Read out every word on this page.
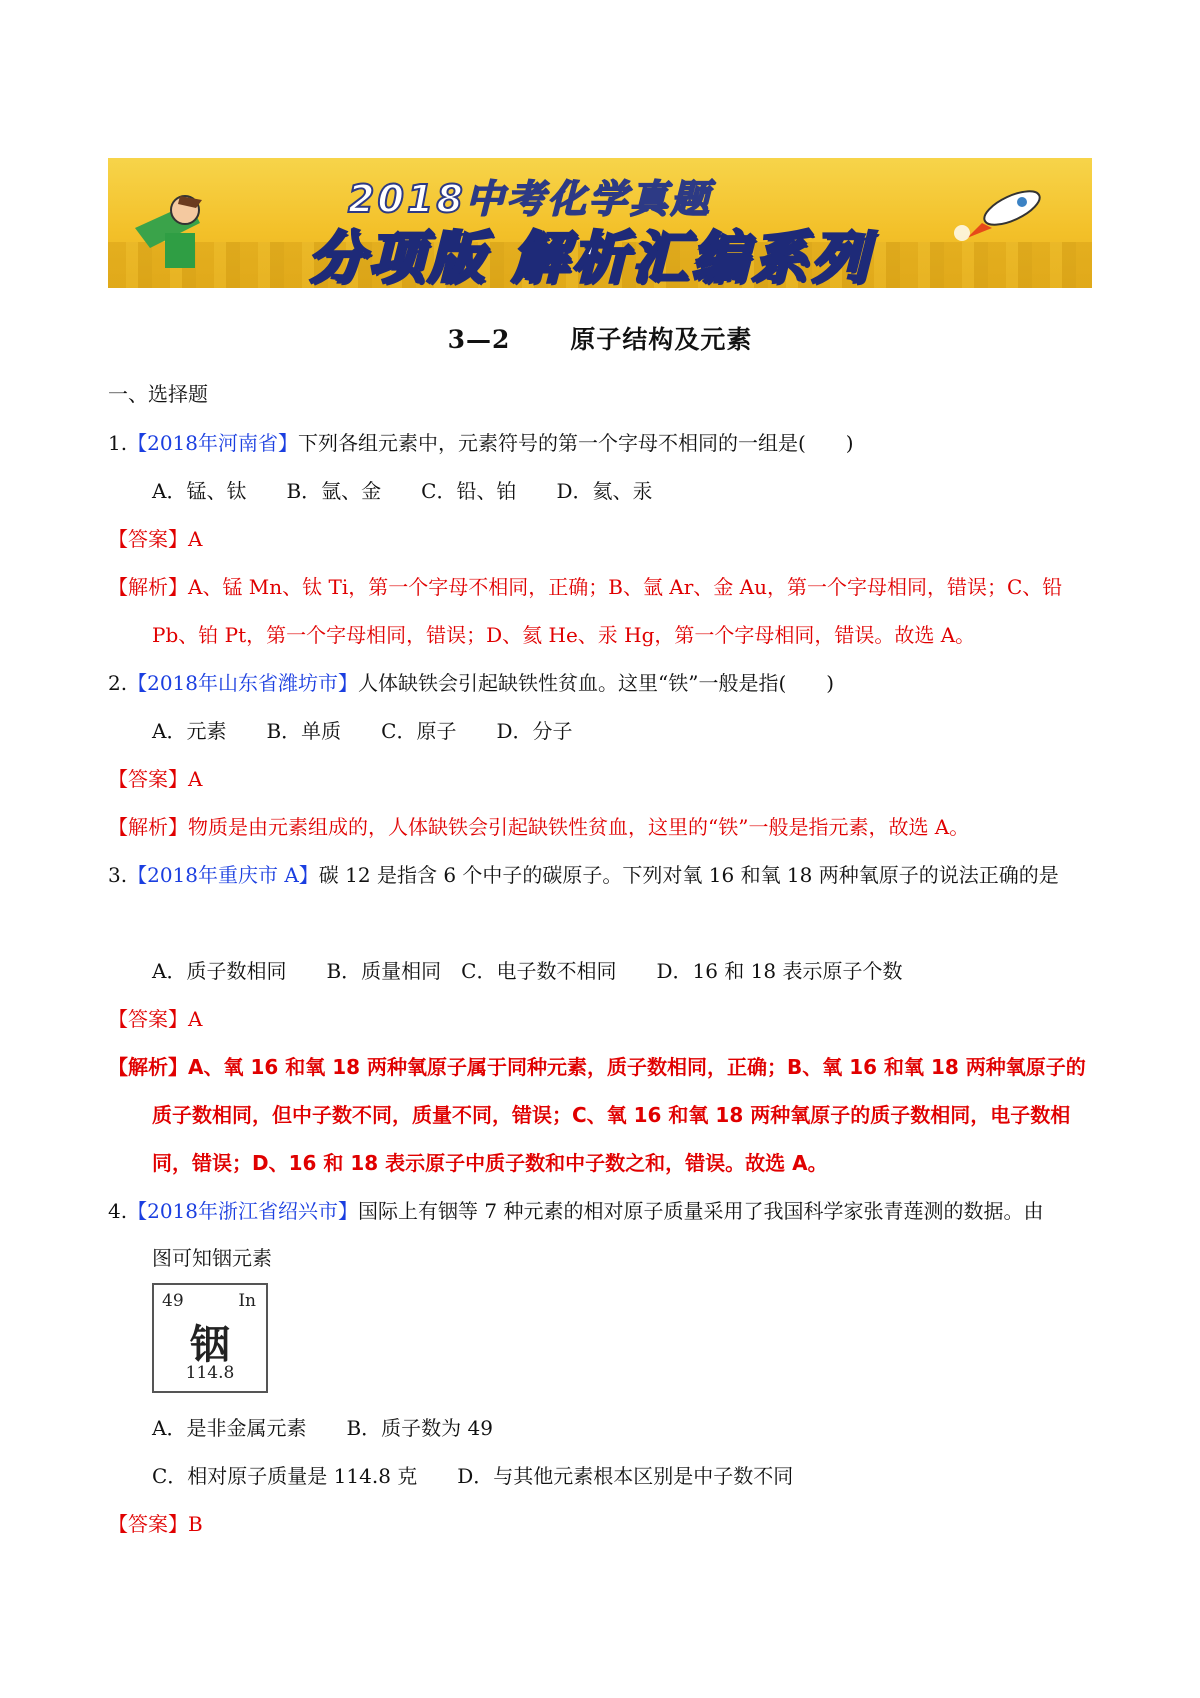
2018中考化学真题
分项版 解析汇编系列
3—2 原子结构及元素
一、选择题
1.【2018年河南省】下列各组元素中，元素符号的第一个字母不相同的一组是(　　)
A．锰、钛　　B．氩、金　　C．铅、铂　　D．氦、汞
【答案】A
【解析】A、锰 Mn、钛 Ti，第一个字母不相同，正确；B、氩 Ar、金 Au，第一个字母相同，错误；C、铅
Pb、铂 Pt，第一个字母相同，错误；D、氦 He、汞 Hg，第一个字母相同，错误。故选 A。
2.【2018年山东省潍坊市】人体缺铁会引起缺铁性贫血。这里“铁”一般是指(　　)
A．元素　　B．单质　　C．原子　　D．分子
【答案】A
【解析】物质是由元素组成的，人体缺铁会引起缺铁性贫血，这里的“铁”一般是指元素，故选 A。
3.【2018年重庆市 A】碳 12 是指含 6 个中子的碳原子。下列对氧 16 和氧 18 两种氧原子的说法正确的是
A．质子数相同　　B．质量相同　C．电子数不相同　　D．16 和 18 表示原子个数
【答案】A
【解析】A、氧 16 和氧 18 两种氧原子属于同种元素，质子数相同，正确；B、氧 16 和氧 18 两种氧原子的
质子数相同，但中子数不同，质量不同，错误；C、氧 16 和氧 18 两种氧原子的质子数相同，电子数相
同，错误；D、16 和 18 表示原子中质子数和中子数之和，错误。故选 A。
4.【2018年浙江省绍兴市】国际上有铟等 7 种元素的相对原子质量采用了我国科学家张青莲测的数据。由
图可知铟元素
49	In
铟
114.8
A．是非金属元素　　B．质子数为 49
C．相对原子质量是 114.8 克　　D．与其他元素根本区别是中子数不同
【答案】B
